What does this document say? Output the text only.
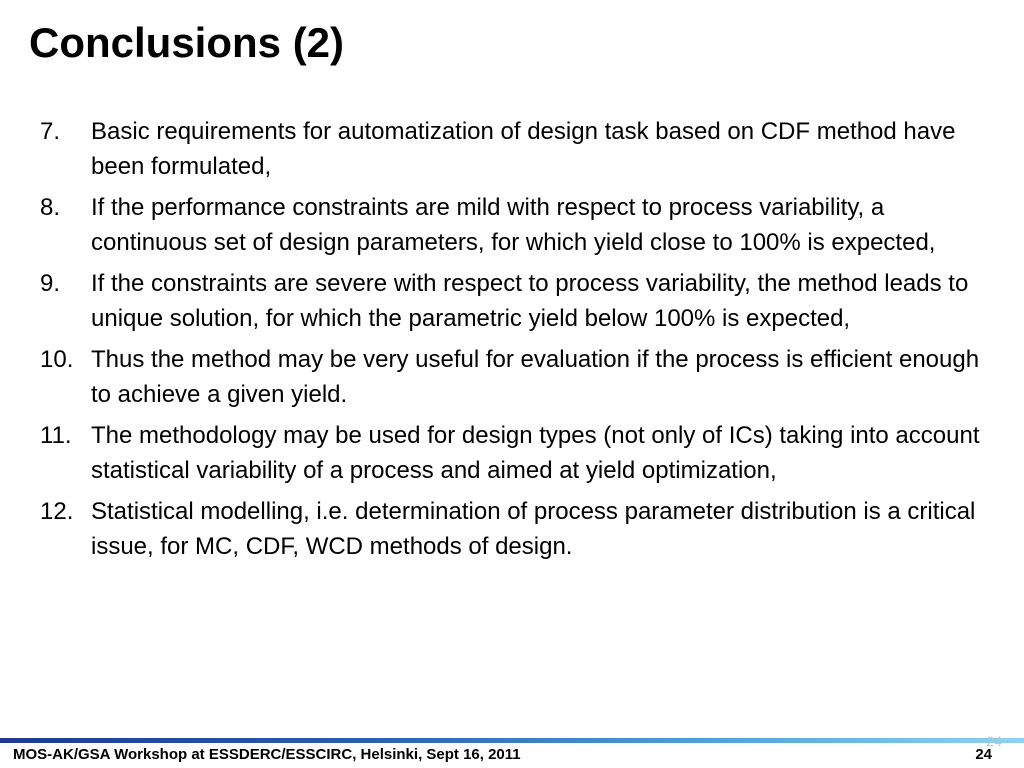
Conclusions (2)
7. Basic requirements for automatization of design task based on CDF method have been formulated,
8. If the performance constraints are mild with respect to process variability, a continuous set of design parameters, for which yield close to 100% is expected,
9. If the constraints are severe with respect to process variability, the method leads to unique solution, for which the parametric yield below 100% is expected,
10. Thus the method may be very useful for evaluation if the process is efficient enough to achieve a given yield.
11. The methodology may be used for design types (not only of ICs) taking into account statistical variability of a process and aimed at yield optimization,
12. Statistical modelling, i.e. determination of process parameter distribution is a critical issue, for MC, CDF, WCD methods of design.
24
MOS-AK/GSA Workshop at ESSDERC/ESSCIRC, Helsinki, Sept 16, 2011	24
